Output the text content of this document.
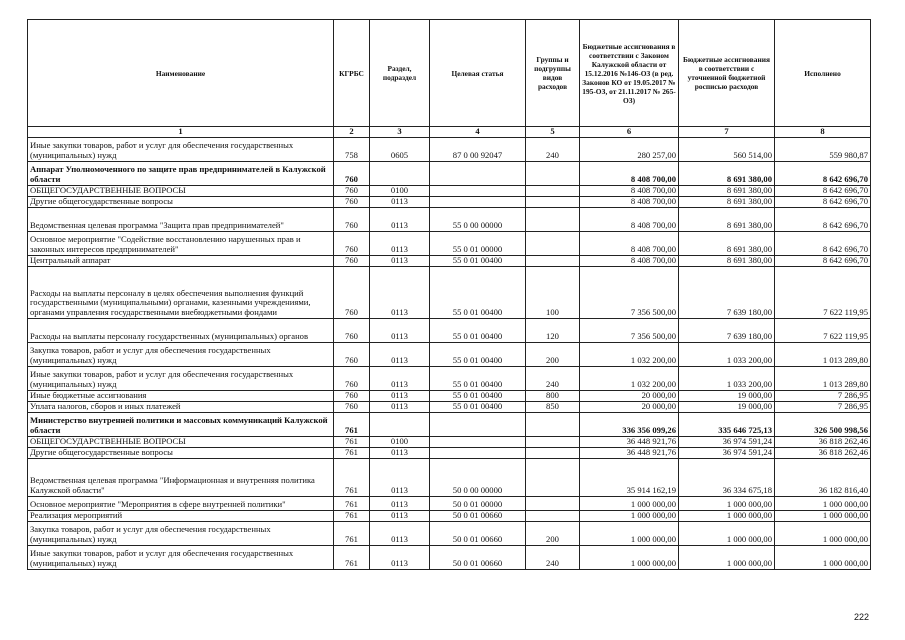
Наименование	КГРБС	Раздел, подраздел	Целевая статья	Группы и подгруппы видов расходов	Бюджетные ассигнования в соответствии с Законом Калужской области от 15.12.2016 №146-ОЗ (в ред. Законов КО от 19.05.2017 № 195-ОЗ, от 21.11.2017 № 265-ОЗ)	Бюджетные ассигнования в соответствии с уточненной бюджетной росписью расходов	Исполнено
1	2	3	4	5	6	7	8
Иные закупки товаров, работ и услуг для обеспечения государственных (муниципальных) нужд	758	0605	87 0 00 92047	240	280 257,00	560 514,00	559 980,87
Аппарат Уполномоченного по защите прав предпринимателей в Калужской области	760				8 408 700,00	8 691 380,00	8 642 696,70
ОБЩЕГОСУДАРСТВЕННЫЕ ВОПРОСЫ	760	0100			8 408 700,00	8 691 380,00	8 642 696,70
Другие общегосударственные вопросы	760	0113			8 408 700,00	8 691 380,00	8 642 696,70
Ведомственная целевая программа "Защита прав предпринимателей"	760	0113	55 0 00 00000		8 408 700,00	8 691 380,00	8 642 696,70
Основное мероприятие "Содействие восстановлению нарушенных прав и законных интересов предпринимателей"	760	0113	55 0 01 00000		8 408 700,00	8 691 380,00	8 642 696,70
Центральный аппарат	760	0113	55 0 01 00400		8 408 700,00	8 691 380,00	8 642 696,70
Расходы на выплаты персоналу в целях обеспечения выполнения функций государственными (муниципальными) органами, казенными учреждениями, органами управления государственными внебюджетными фондами	760	0113	55 0 01 00400	100	7 356 500,00	7 639 180,00	7 622 119,95
Расходы на выплаты персоналу государственных (муниципальных) органов	760	0113	55 0 01 00400	120	7 356 500,00	7 639 180,00	7 622 119,95
Закупка товаров, работ и услуг для обеспечения государственных (муниципальных) нужд	760	0113	55 0 01 00400	200	1 032 200,00	1 033 200,00	1 013 289,80
Иные закупки товаров, работ и услуг для обеспечения государственных (муниципальных) нужд	760	0113	55 0 01 00400	240	1 032 200,00	1 033 200,00	1 013 289,80
Иные бюджетные ассигнования	760	0113	55 0 01 00400	800	20 000,00	19 000,00	7 286,95
Уплата налогов, сборов и иных платежей	760	0113	55 0 01 00400	850	20 000,00	19 000,00	7 286,95
Министерство внутренней политики и массовых коммуникаций Калужской области	761				336 356 099,26	335 646 725,13	326 500 998,56
ОБЩЕГОСУДАРСТВЕННЫЕ ВОПРОСЫ	761	0100			36 448 921,76	36 974 591,24	36 818 262,46
Другие общегосударственные вопросы	761	0113			36 448 921,76	36 974 591,24	36 818 262,46
Ведомственная целевая программа "Информационная и внутренняя политика Калужской области"	761	0113	50 0 00 00000		35 914 162,19	36 334 675,18	36 182 816,40
Основное мероприятие "Мероприятия в сфере внутренней политики"	761	0113	50 0 01 00000		1 000 000,00	1 000 000,00	1 000 000,00
Реализация мероприятий	761	0113	50 0 01 00660		1 000 000,00	1 000 000,00	1 000 000,00
Закупка товаров, работ и услуг для обеспечения государственных (муниципальных) нужд	761	0113	50 0 01 00660	200	1 000 000,00	1 000 000,00	1 000 000,00
Иные закупки товаров, работ и услуг для обеспечения государственных (муниципальных) нужд	761	0113	50 0 01 00660	240	1 000 000,00	1 000 000,00	1 000 000,00
222
